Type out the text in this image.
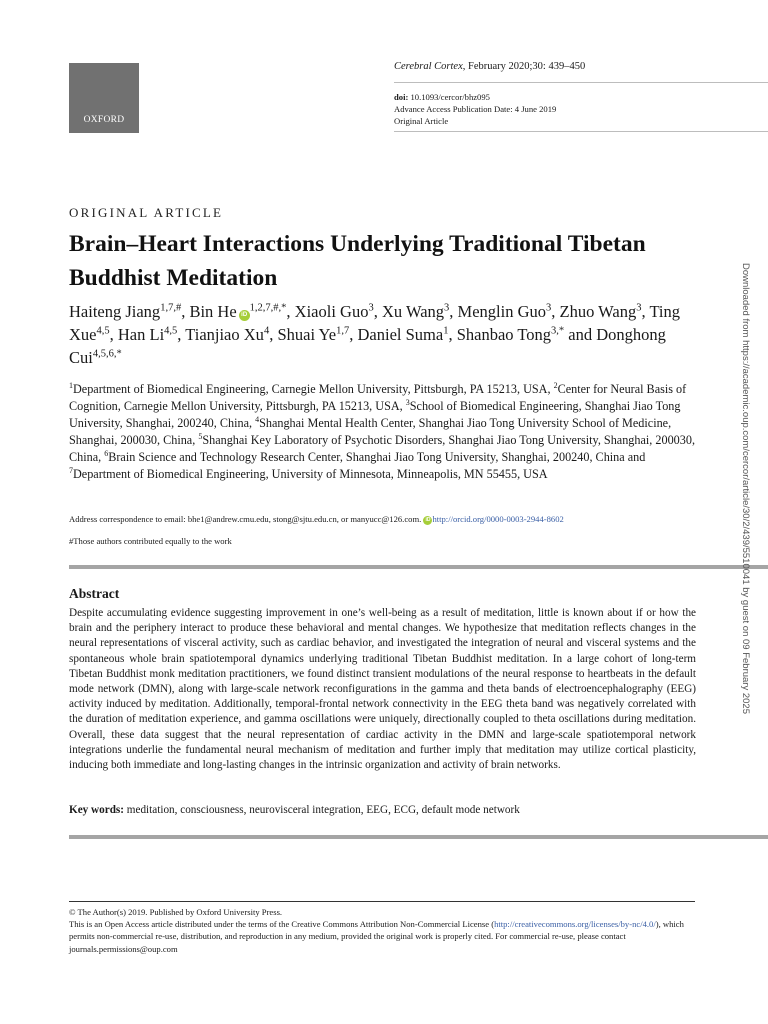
OXFORD
Cerebral Cortex, February 2020;30: 439–450
doi: 10.1093/cercor/bhz095
Advance Access Publication Date: 4 June 2019
Original Article
ORIGINAL ARTICLE
Brain–Heart Interactions Underlying Traditional Tibetan Buddhist Meditation
Haiteng Jiang$^{1,7,\#}$, Bin He $iD^{1,2,7,\#,*}$, Xiaoli Guo$^3$, Xu Wang$^3$, Menglin Guo$^3$, Zhuo Wang$^3$, Ting Xue$^{4,5}$, Han Li$^{4,5}$, Tianjiao Xu$^4$, Shuai Ye$^{1,7}$, Daniel Suma$^1$, Shanbao Tong$^{3,*}$ and Donghong Cui$^{4,5,6,*}$
$^1$Department of Biomedical Engineering, Carnegie Mellon University, Pittsburgh, PA 15213, USA, $^2$Center for Neural Basis of Cognition, Carnegie Mellon University, Pittsburgh, PA 15213, USA, $^3$School of Biomedical Engineering, Shanghai Jiao Tong University, Shanghai, 200240, China, $^4$Shanghai Mental Health Center, Shanghai Jiao Tong University School of Medicine, Shanghai, 200030, China, $^5$Shanghai Key Laboratory of Psychotic Disorders, Shanghai Jiao Tong University, Shanghai, 200030, China, $^6$Brain Science and Technology Research Center, Shanghai Jiao Tong University, Shanghai, 200240, China and $^7$Department of Biomedical Engineering, University of Minnesota, Minneapolis, MN 55455, USA
Address correspondence to email: bhe1@andrew.cmu.edu, stong@sjtu.edu.cn, or manyucc@126.com. iD http://orcid.org/0000-0003-2944-8602
#Those authors contributed equally to the work
Abstract
Despite accumulating evidence suggesting improvement in one’s well-being as a result of meditation, little is known about if or how the brain and the periphery interact to produce these behavioral and mental changes. We hypothesize that meditation reflects changes in the neural representations of visceral activity, such as cardiac behavior, and investigated the integration of neural and visceral systems and the spontaneous whole brain spatiotemporal dynamics underlying traditional Tibetan Buddhist meditation. In a large cohort of long-term Tibetan Buddhist monk meditation practitioners, we found distinct transient modulations of the neural response to heartbeats in the default mode network (DMN), along with large-scale network reconfigurations in the gamma and theta bands of electroencephalography (EEG) activity induced by meditation. Additionally, temporal-frontal network connectivity in the EEG theta band was negatively correlated with the duration of meditation experience, and gamma oscillations were uniquely, directionally coupled to theta oscillations during meditation. Overall, these data suggest that the neural representation of cardiac activity in the DMN and large-scale spatiotemporal network integrations underlie the fundamental neural mechanism of meditation and further imply that meditation may utilize cortical plasticity, inducing both immediate and long-lasting changes in the intrinsic organization and activity of brain networks.
Key words: meditation, consciousness, neurovisceral integration, EEG, ECG, default mode network
© The Author(s) 2019. Published by Oxford University Press.
This is an Open Access article distributed under the terms of the Creative Commons Attribution Non-Commercial License (http://creativecommons.org/licenses/by-nc/4.0/), which permits non-commercial re-use, distribution, and reproduction in any medium, provided the original work is properly cited. For commercial re-use, please contact journals.permissions@oup.com
Downloaded from https://academic.oup.com/cercor/article/30/2/439/5510041 by guest on 09 February 2025
